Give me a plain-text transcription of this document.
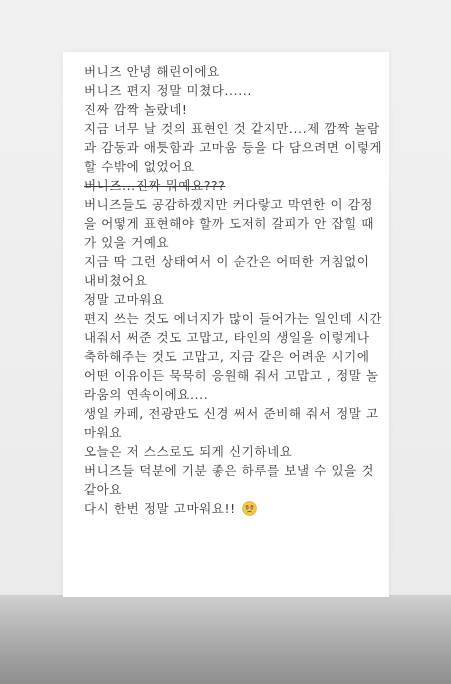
버니즈 안녕 해린이에요
버니즈 편지 정말 미쳤다......
진짜 깜짝 놀랐네!
지금 너무 날 것의 표현인 것 같지만....제 깜짝 놀람
과 감동과 애틋함과 고마움 등을 다 담으려면 이렇게
할 수밖에 없었어요
버니즈...진짜 뭐예요???
버니즈들도 공감하겠지만 커다랗고 막연한 이 감정
을 어떻게 표현해야 할까 도저히 갈피가 안 잡힐 때
가 있을 거예요
지금 딱 그런 상태여서 이 순간은 어떠한 거침없이
내비쳤어요
정말 고마워요
편지 쓰는 것도 에너지가 많이 들어가는 일인데 시간
내줘서 써준 것도 고맙고, 타인의 생일을 이렇게나
축하해주는 것도 고맙고, 지금 같은 어려운 시기에
어떤 이유이든 묵묵히 응원해 줘서 고맙고 , 정말 놀
라움의 연속이에요....
생일 카페, 전광판도 신경 써서 준비해 줘서 정말 고
마워요
오늘은 저 스스로도 되게 신기하네요
버니즈들 덕분에 기분 좋은 하루를 보낼 수 있을 것
같아요
다시 한번 정말 고마워요!!
